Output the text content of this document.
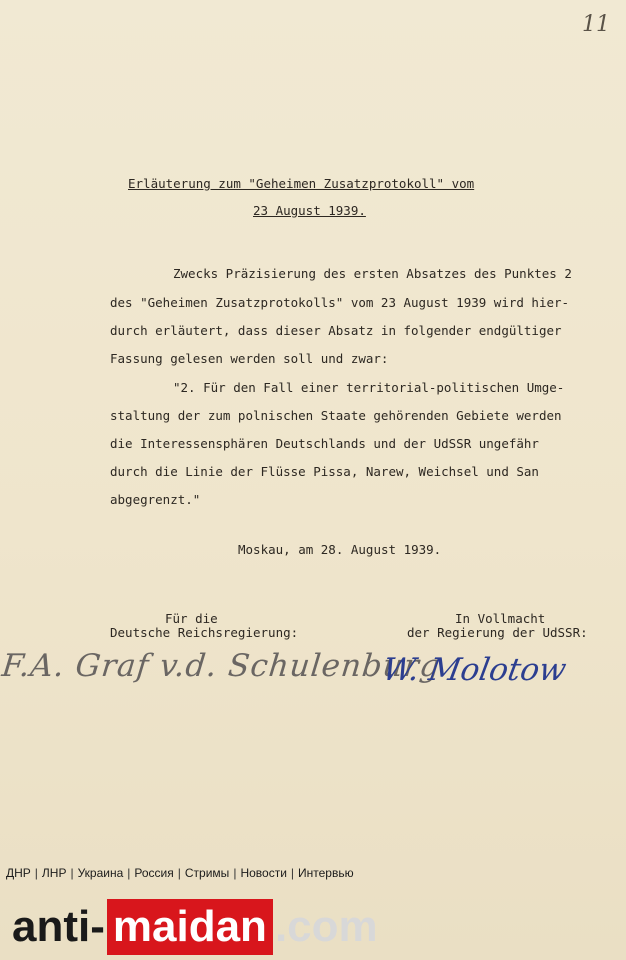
11
Erläuterung zum "Geheimen Zusatzprotokoll" vom
23 August 1939.
Zwecks Präzisierung des ersten Absatzes des Punktes 2
des "Geheimen Zusatzprotokolls" vom 23 August 1939 wird hier-
durch erläutert, dass dieser Absatz in folgender endgültiger
Fassung gelesen werden soll und zwar:
"2. Für den Fall einer territorial-politischen Umge-
staltung der zum polnischen Staate gehörenden Gebiete werden
die Interessensphären Deutschlands und der UdSSR ungefähr
durch die Linie der Flüsse Pissa, Narew, Weichsel und San
abgegrenzt."
Moskau, am 28. August 1939.
Für die
Deutsche Reichsregierung:
In Vollmacht
der Regierung der UdSSR:
F.A. Graf v.d. Schulenburg
W. Molotow
ДНР | ЛНР | Украина | Россия | Стримы | Новости | Интервью
anti- maidan .com
